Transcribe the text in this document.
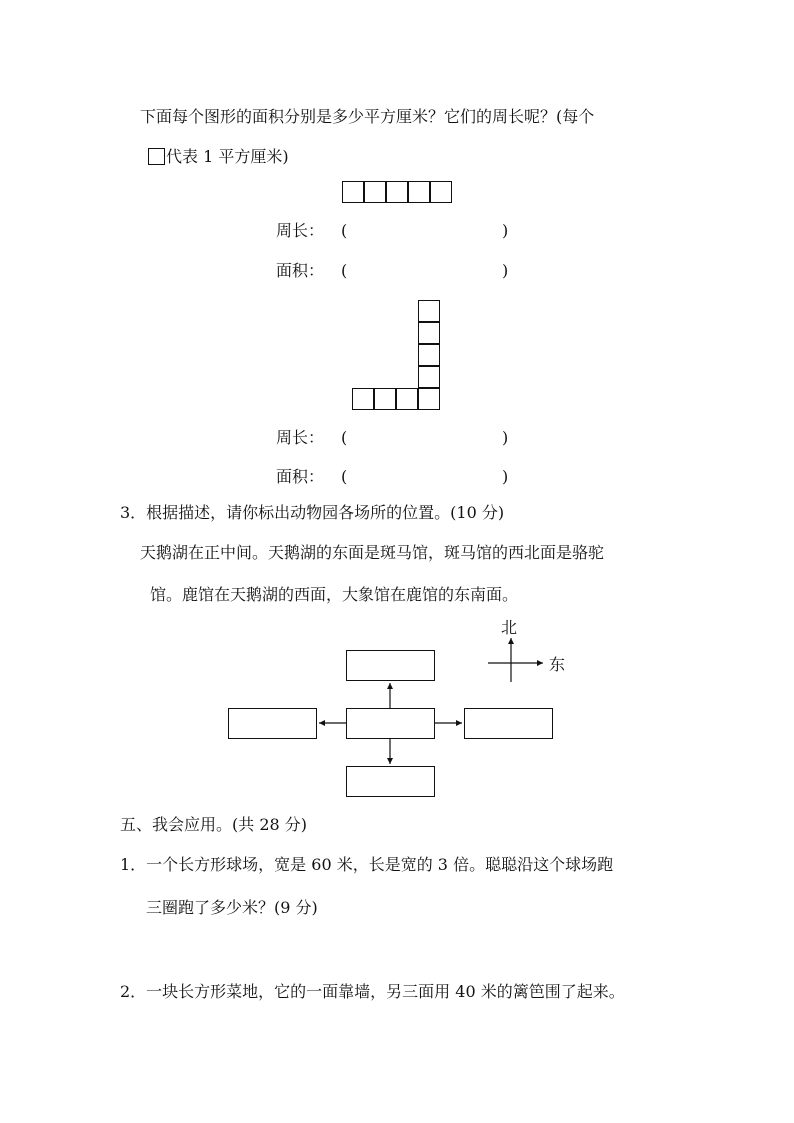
下面每个图形的面积分别是多少平方厘米？它们的周长呢？(每个
代表 1 平方厘米)
周长： (	)
面积： (	)
周长： (	)
面积： (	)
3．根据描述，请你标出动物园各场所的位置。(10 分)
天鹅湖在正中间。天鹅湖的东面是斑马馆，斑马馆的西北面是骆驼
馆。鹿馆在天鹅湖的西面，大象馆在鹿馆的东南面。
北
东
五、我会应用。(共 28 分)
1．一个长方形球场，宽是 60 米，长是宽的 3 倍。聪聪沿这个球场跑
三圈跑了多少米？(9 分)
2．一块长方形菜地，它的一面靠墙，另三面用 40 米的篱笆围了起来。
